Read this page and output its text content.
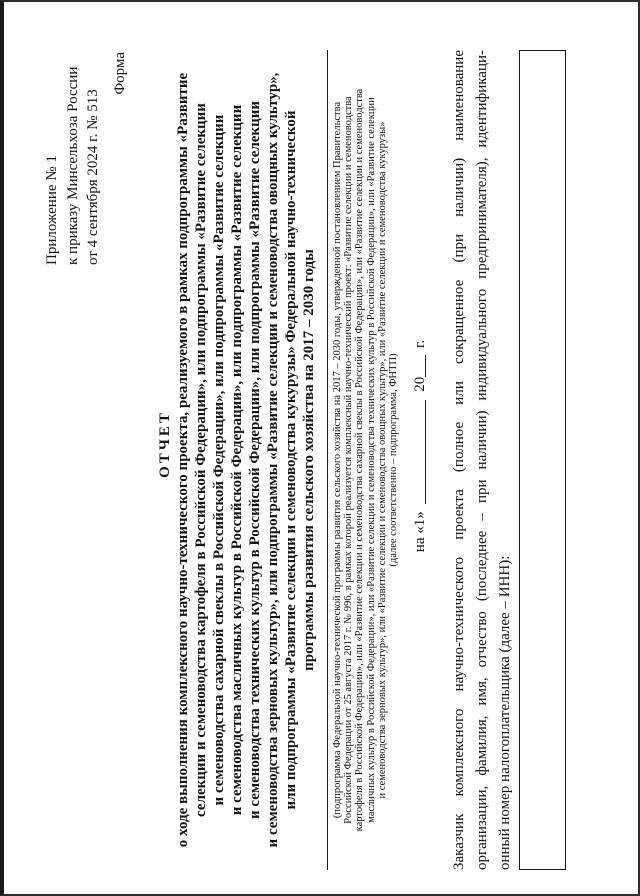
Приложение № 1 к приказу Минсельхоза России от 4 сентября 2024 г. № 513
Форма
ОТЧЕТ о ходе выполнения комплексного научно-технического проекта, реализуемого в рамках подпрограммы «Развитие селекции и семеноводства картофеля в Российской Федерации», или подпрограммы «Развитие селекции и семеноводства сахарной свеклы в Российской Федерации», или подпрограммы «Развитие селекции и семеноводства масличных культур в Российской Федерации», или подпрограммы «Развитие селекции и семеноводства технических культур в Российской Федерации», или подпрограммы «Развитие селекции и семеноводства зерновых культур», или подпрограммы «Развитие селекции и семеноводства овощных культур», или подпрограммы «Развитие селекции и семеноводства кукурузы» Федеральной научно-технической программы развития сельского хозяйства на 2017 – 2030 годы (подпрограмма Федеральной научно-технической программы развития сельского хозяйства на 2017 – 2030 годы, утвержденной постановлением Правительства Российской Федерации от 25 августа 2017 г. № 996, в рамках которой реализуется комплексный научно-технический проект: «Развитие селекции и семеноводства картофеля в Российской Федерации», или «Развитие селекции и семеноводства сахарной свеклы в Российской Федерации», или «Развитие селекции и семеноводства масличных культур в Российской Федерации», или «Развитие селекции и семеноводства технических культур в Российской Федерации», или «Развитие селекции и семеноводства зерновых культур», или «Развитие селекции и семеноводства овощных культур», или «Развитие селекции и семеноводства кукурузы» (далее соответственно – подпрограмма, ФНТП) на «1»  20 г. Заказчик комплексного научно-технического проекта (полное или сокращенное (при наличии) наименование организации, фамилия, имя, отчество (последнее – при наличии) индивидуального предпринимателя), идентификаци- онный номер налогоплательщика (далее – ИНН):
